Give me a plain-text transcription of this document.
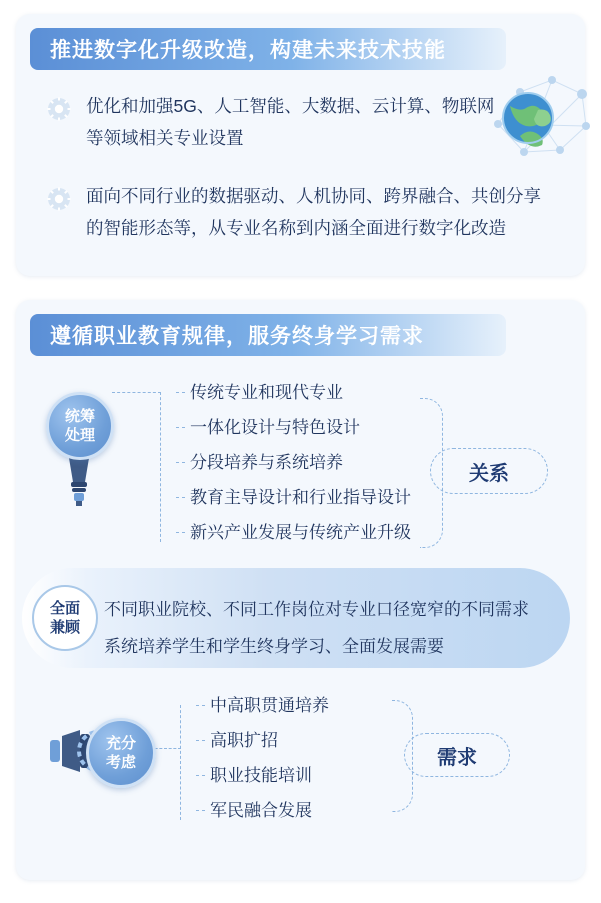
推进数字化升级改造，构建未来技术技能
优化和加强5G、人工智能、大数据、云计算、物联网等领域相关专业设置
面向不同行业的数据驱动、人机协同、跨界融合、共创分享的智能形态等，从专业名称到内涵全面进行数字化改造
遵循职业教育规律，服务终身学习需求
统筹
处理
传统专业和现代专业
一体化设计与特色设计
分段培养与系统培养
教育主导设计和行业指导设计
新兴产业发展与传统产业升级
关系
全面
兼顾
不同职业院校、不同工作岗位对专业口径宽窄的不同需求
系统培养学生和学生终身学习、全面发展需要
充分
考虑
中高职贯通培养
高职扩招
职业技能培训
军民融合发展
需求
